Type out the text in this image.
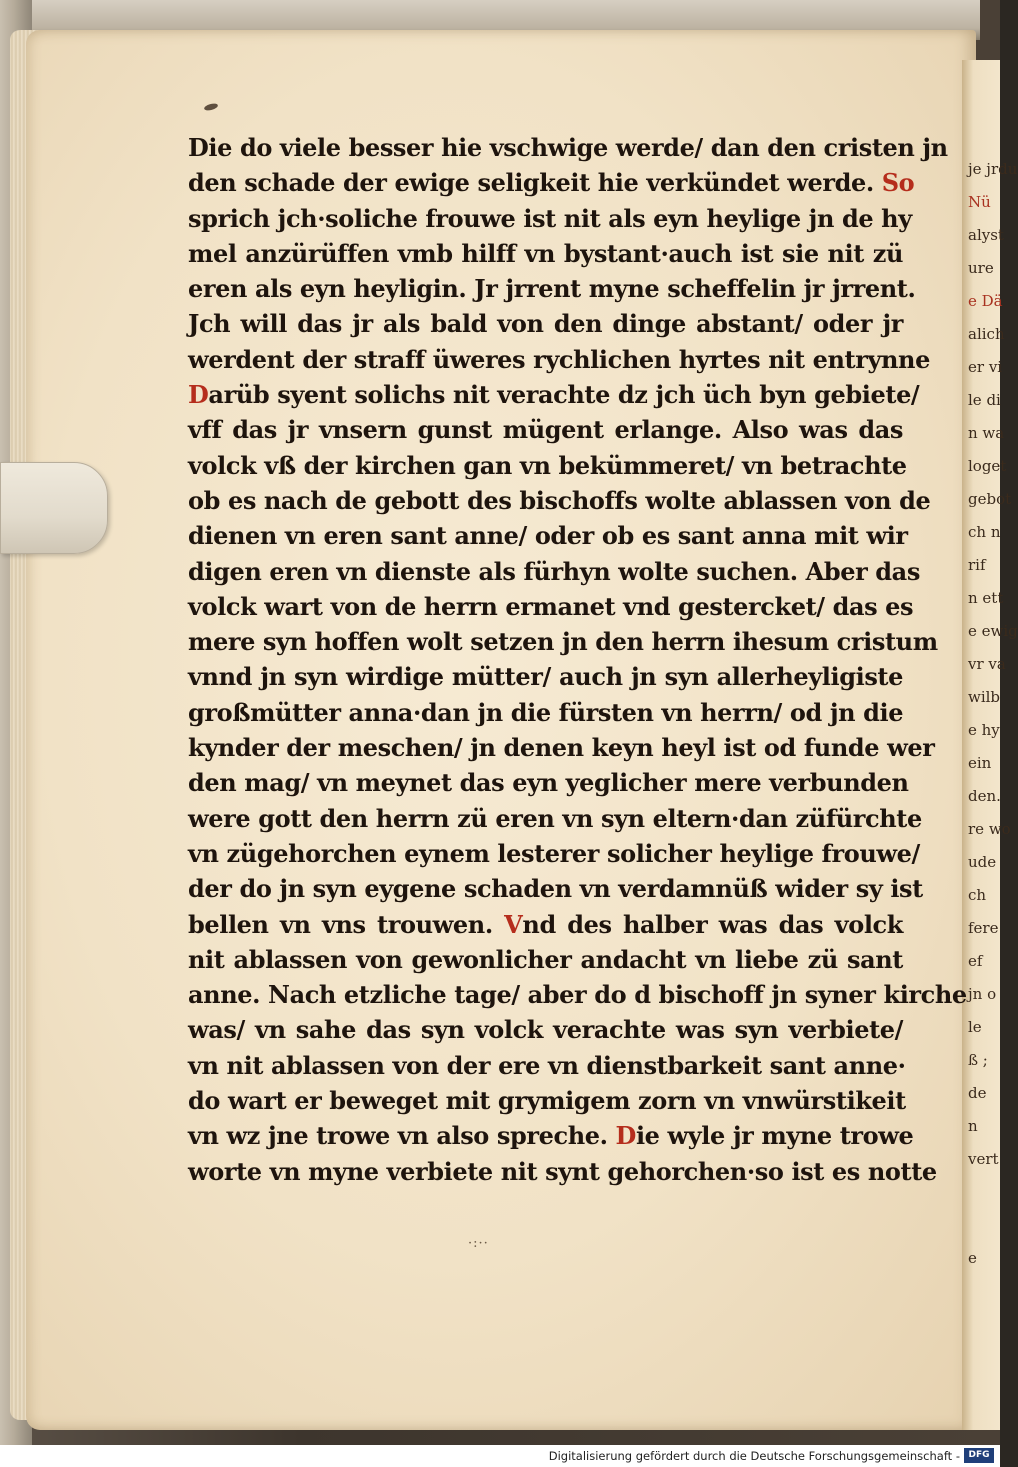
je jrdu
Nü
alyst
ure
e Dä
alich
er vi
le di
n wa
loget
gebot
ch n
rif
n ett
e ewig
vr va
wilb
e hy
ein
den.
re wo
ude
ch
fere
ef
jn o
le
ß ;
de
n
vert
e
Die do viele besser hie vschwige werde/ dan den cristen jn
den schade der ewige seligkeit hie verkündet werde. So
sprich jch·soliche frouwe ist nit als eyn heylige jn de hy
mel anzürüffen vmb hilff vn bystant·auch ist sie nit zü
eren als eyn heyligin. Jr jrrent myne scheffelin jr jrrent.
Jch will das jr als bald von den dinge abstant/ oder jr
werdent der straff üweres rychlichen hyrtes nit entrynne
Darüb syent solichs nit verachte dz jch üch byn gebiete/
vff das jr vnsern gunst mügent erlange. Also was das
volck vß der kirchen gan vn bekümmeret/ vn betrachte
ob es nach de gebott des bischoffs wolte ablassen von de
dienen vn eren sant anne/ oder ob es sant anna mit wir
digen eren vn dienste als fürhyn wolte suchen. Aber das
volck wart von de herrn ermanet vnd gestercket/ das es
mere syn hoffen wolt setzen jn den herrn ihesum cristum
vnnd jn syn wirdige mütter/ auch jn syn allerheyligiste
großmütter anna·dan jn die fürsten vn herrn/ od jn die
kynder der meschen/ jn denen keyn heyl ist od funde wer
den mag/ vn meynet das eyn yeglicher mere verbunden
were gott den herrn zü eren vn syn eltern·dan züfürchte
vn zügehorchen eynem lesterer solicher heylige frouwe/
der do jn syn eygene schaden vn verdamnüß wider sy ist
bellen vn vns trouwen. Vnd des halber was das volck
nit ablassen von gewonlicher andacht vn liebe zü sant
anne. Nach etzliche tage/ aber do d bischoff jn syner kirche
was/ vn sahe das syn volck verachte was syn verbiete/
vn nit ablassen von der ere vn dienstbarkeit sant anne·
do wart er beweget mit grymigem zorn vn vnwürstikeit
vn wz jne trowe vn also spreche. Die wyle jr myne trowe
worte vn myne verbiete nit synt gehorchen·so ist es notte
·:··
Digitalisierung gefördert durch die Deutsche Forschungsgemeinschaft - DFG
